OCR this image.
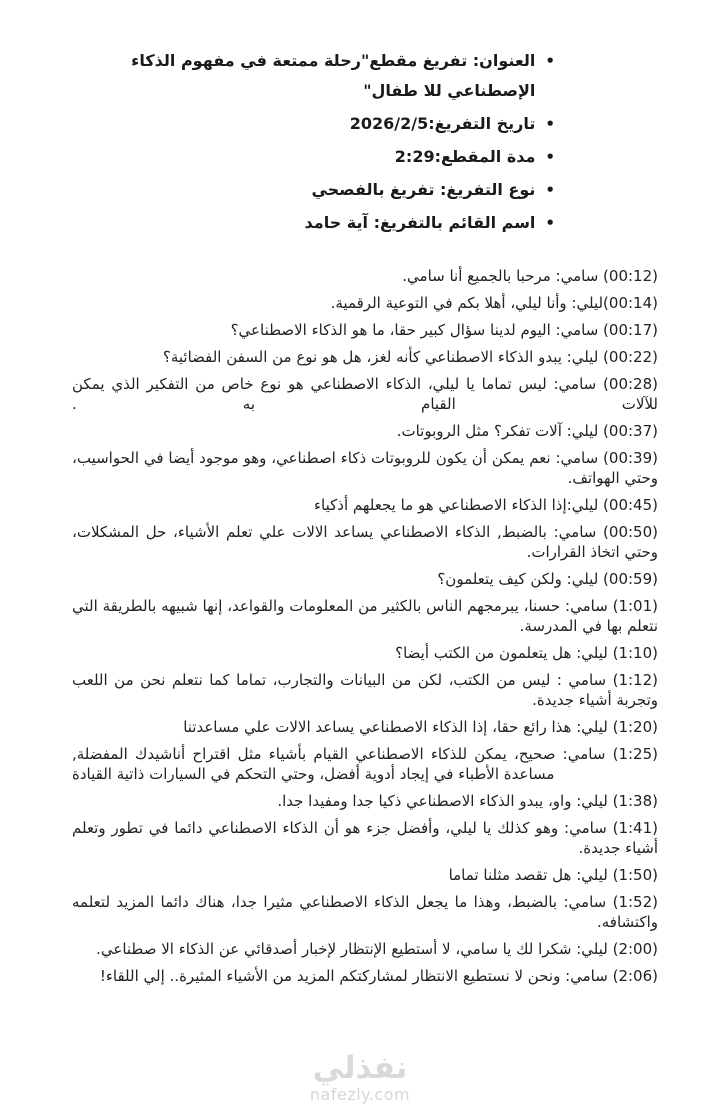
•
العنوان: تفريغ مقطع"رحلة ممتعة في مفهوم الذكاء الإصطناعي للا طفال"
•
تاريخ التفريغ:2026/2/5
•
مدة المقطع:2:29
•
نوع التفريغ: تفريغ بالفصحي
•
اسم القائم بالتفريغ: آية حامد

(00:12) سامي: مرحبا بالجميع أنا سامي.

(00:14)ليلي: وأنا ليلي، أهلا بكم في التوعية الرقمية.

(00:17) سامي: اليوم لدينا سؤال كبير حقا، ما هو الذكاء الاصطناعي؟

(00:22) ليلي: يبدو الذكاء الاصطناعي كأنه لغز، هل هو نوع من السفن الفضائية؟

(00:28) سامي: ليس تماما يا ليلي، الذكاء الاصطناعي هو نوع خاص من التفكير الذي يمكن للآلات القيام به .

(00:37) ليلي: آلات تفكر؟ مثل الروبوتات.

(00:39) سامي: نعم يمكن أن يكون للروبوتات ذكاء اصطناعي، وهو موجود أيضا في الحواسيب، وحتي الهواتف.

(00:45) ليلي:إذا الذكاء الاصطناعي هو ما يجعلهم أذكياء

(00:50) سامي: بالضبط, الذكاء الاصطناعي يساعد الالات علي تعلم الأشياء، حل المشكلات، وحتي اتخاذ القرارات.

(00:59) ليلي: ولكن كيف يتعلمون؟

(1:01) سامي: حسنا، يبرمجهم الناس بالكثير من المعلومات والقواعد، إنها شبيهه بالطريقة التي نتعلم بها في المدرسة.

(1:10) ليلي: هل يتعلمون من الكتب أيضا؟

(1:12) سامي : ليس من الكتب، لكن من البيانات والتجارب، تماما كما نتعلم نحن من اللعب وتجربة أشياء جديدة.

(1:20) ليلي: هذا رائع حقا، إذا الذكاء الاصطناعي يساعد الالات علي مساعدتنا

(1:25) سامي: صحيح، يمكن للذكاء الاصطناعي القيام بأشياء مثل اقتراح أناشيدك المفضلة, مساعدة الأطباء في إيجاد أدوية أفضل، وحتي التحكم في السيارات ذاتية القيادة

(1:38) ليلي: واو، يبدو الذكاء الاصطناعي ذكيا جدا ومفيدا جدا.

(1:41) سامي: وهو كذلك يا ليلي، وأفضل جزء هو أن الذكاء الاصطناعي دائما في تطور وتعلم أشياء جديدة.

(1:50) ليلي: هل تقصد مثلنا تماما

(1:52) سامي: بالضبط، وهذا ما يجعل الذكاء الاصطناعي مثيرا جدا، هناك دائما المزيد لتعلمه واكتشافه.

(2:00) ليلي: شكرا لك يا سامي، لا أستطيع الإنتظار لإخبار أصدقائي عن الذكاء الا صطناعي.

(2:06) سامي: ونحن لا نستطيع الانتظار لمشاركتكم المزيد من الأشياء المثيرة.. إلي اللقاء!

نفذلي
nafezly.com
